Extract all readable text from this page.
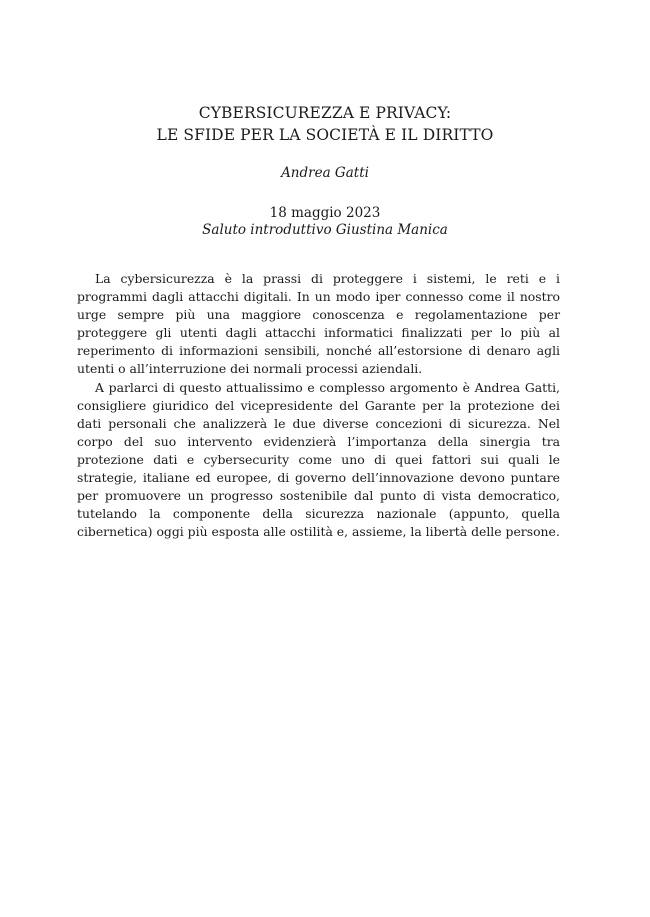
CYBERSICUREZZA E PRIVACY:
LE SFIDE PER LA SOCIETÀ E IL DIRITTO
Andrea Gatti
18 maggio 2023
Saluto introduttivo Giustina Manica

La cybersicurezza è la prassi di proteggere i sistemi, le reti e i programmi dagli attacchi digitali. In un modo iper connesso come il nostro urge sempre più una maggiore conoscenza e regolamentazione per proteggere gli utenti dagli attacchi informatici finalizzati per lo più al reperimento di informazioni sensibili, nonché all’estorsione di denaro agli utenti o all’interruzione dei normali processi aziendali.

A parlarci di questo attualissimo e complesso argomento è Andrea Gatti, consigliere giuridico del vicepresidente del Garante per la protezione dei dati personali che analizzerà le due diverse concezioni di sicurezza. Nel corpo del suo intervento evidenzierà l’importanza della sinergia tra protezione dati e cybersecurity come uno di quei fattori sui quali le strategie, italiane ed europee, di governo dell’innovazione devono puntare per promuovere un progresso sostenibile dal punto di vista democratico, tutelando la componente della sicurezza nazionale (appunto, quella cibernetica) oggi più esposta alle ostilità e, assieme, la libertà delle persone.
